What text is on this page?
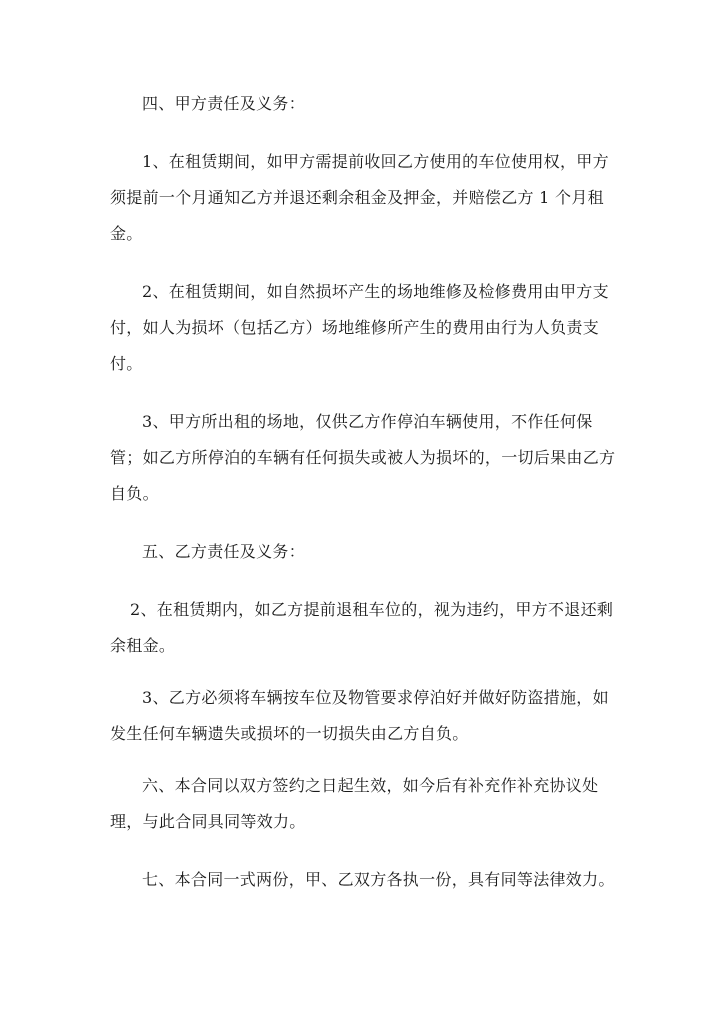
四、甲方责任及义务：

1、在租赁期间，如甲方需提前收回乙方使用的车位使用权，甲方须提前一个月通知乙方并退还剩余租金及押金，并赔偿乙方 1 个月租金。

2、在租赁期间，如自然损坏产生的场地维修及检修费用由甲方支付，如人为损坏（包括乙方）场地维修所产生的费用由行为人负责支付。

3、甲方所出租的场地，仅供乙方作停泊车辆使用，不作任何保管；如乙方所停泊的车辆有任何损失或被人为损坏的，一切后果由乙方自负。

五、乙方责任及义务：

2、在租赁期内，如乙方提前退租车位的，视为违约，甲方不退还剩余租金。

3、乙方必须将车辆按车位及物管要求停泊好并做好防盗措施，如发生任何车辆遗失或损坏的一切损失由乙方自负。

六、本合同以双方签约之日起生效，如今后有补充作补充协议处理，与此合同具同等效力。

七、本合同一式两份，甲、乙双方各执一份，具有同等法律效力。
